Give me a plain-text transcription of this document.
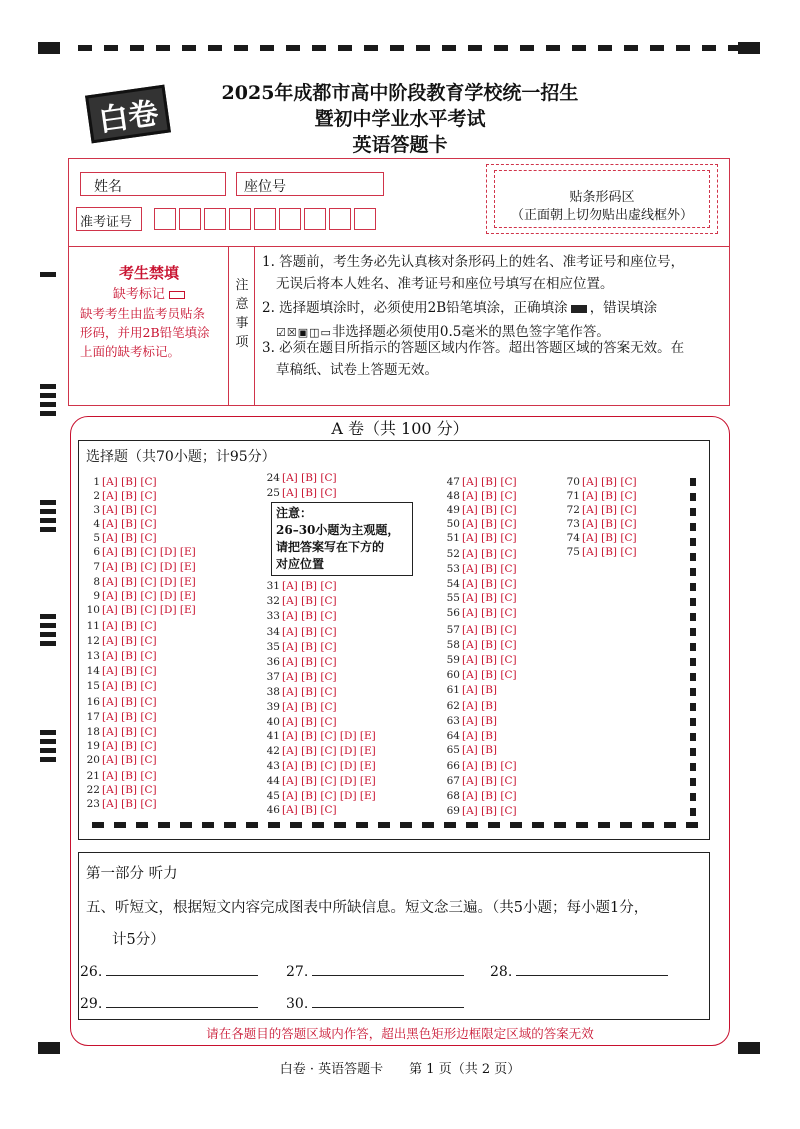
白卷
2025年成都市高中阶段教育学校统一招生
暨初中学业水平考试
英语答题卡
姓名	座位号
准考证号
贴条形码区
（正面朝上切勿贴出虚线框外）
考生禁填
缺考标记
缺考考生由监考员贴条
形码，并用2B铅笔填涂
上面的缺考标记。
注意事项
1. 答题前，考生务必先认真核对条形码上的姓名、准考证号和座位号，
无误后将本人姓名、准考证号和座位号填写在相应位置。
2. 选择题填涂时，必须使用2B铅笔填涂，正确填涂 ，错误填涂
☑☒▣◫▭非选择题必须使用0.5毫米的黑色签字笔作答。
3. 必须在题目所指示的答题区域内作答。超出答题区域的答案无效。在
草稿纸、试卷上答题无效。
A 卷（共 100 分）
选择题（共70小题；计95分）
1 [A] [B] [C]
2 [A] [B] [C]
3 [A] [B] [C]
4 [A] [B] [C]
5 [A] [B] [C]
6 [A] [B] [C] [D] [E]
7 [A] [B] [C] [D] [E]
8 [A] [B] [C] [D] [E]
9 [A] [B] [C] [D] [E]
10 [A] [B] [C] [D] [E]
11 [A] [B] [C]
12 [A] [B] [C]
13 [A] [B] [C]
14 [A] [B] [C]
15 [A] [B] [C]
16 [A] [B] [C]
17 [A] [B] [C]
18 [A] [B] [C]
19 [A] [B] [C]
20 [A] [B] [C]
21 [A] [B] [C]
22 [A] [B] [C]
23 [A] [B] [C]
24 [A] [B] [C]
25 [A] [B] [C]
31 [A] [B] [C]
32 [A] [B] [C]
33 [A] [B] [C]
34 [A] [B] [C]
35 [A] [B] [C]
36 [A] [B] [C]
37 [A] [B] [C]
38 [A] [B] [C]
39 [A] [B] [C]
40 [A] [B] [C]
41 [A] [B] [C] [D] [E]
42 [A] [B] [C] [D] [E]
43 [A] [B] [C] [D] [E]
44 [A] [B] [C] [D] [E]
45 [A] [B] [C] [D] [E]
46 [A] [B] [C]
47 [A] [B] [C]
48 [A] [B] [C]
49 [A] [B] [C]
50 [A] [B] [C]
51 [A] [B] [C]
52 [A] [B] [C]
53 [A] [B] [C]
54 [A] [B] [C]
55 [A] [B] [C]
56 [A] [B] [C]
57 [A] [B] [C]
58 [A] [B] [C]
59 [A] [B] [C]
60 [A] [B] [C]
61 [A] [B]
62 [A] [B]
63 [A] [B]
64 [A] [B]
65 [A] [B]
66 [A] [B] [C]
67 [A] [B] [C]
68 [A] [B] [C]
69 [A] [B] [C]
70 [A] [B] [C]
71 [A] [B] [C]
72 [A] [B] [C]
73 [A] [B] [C]
74 [A] [B] [C]
75 [A] [B] [C]
注意：
26–30小题为主观题，
请把答案写在下方的
对应位置
第一部分 听力
五、听短文，根据短文内容完成图表中所缺信息。短文念三遍。（共5小题；每小题1分，
计5分）
26.	27.	28.
29.	30.
请在各题目的答题区域内作答，超出黑色矩形边框限定区域的答案无效
白卷 · 英语答题卡　　第 1 页（共 2 页）
